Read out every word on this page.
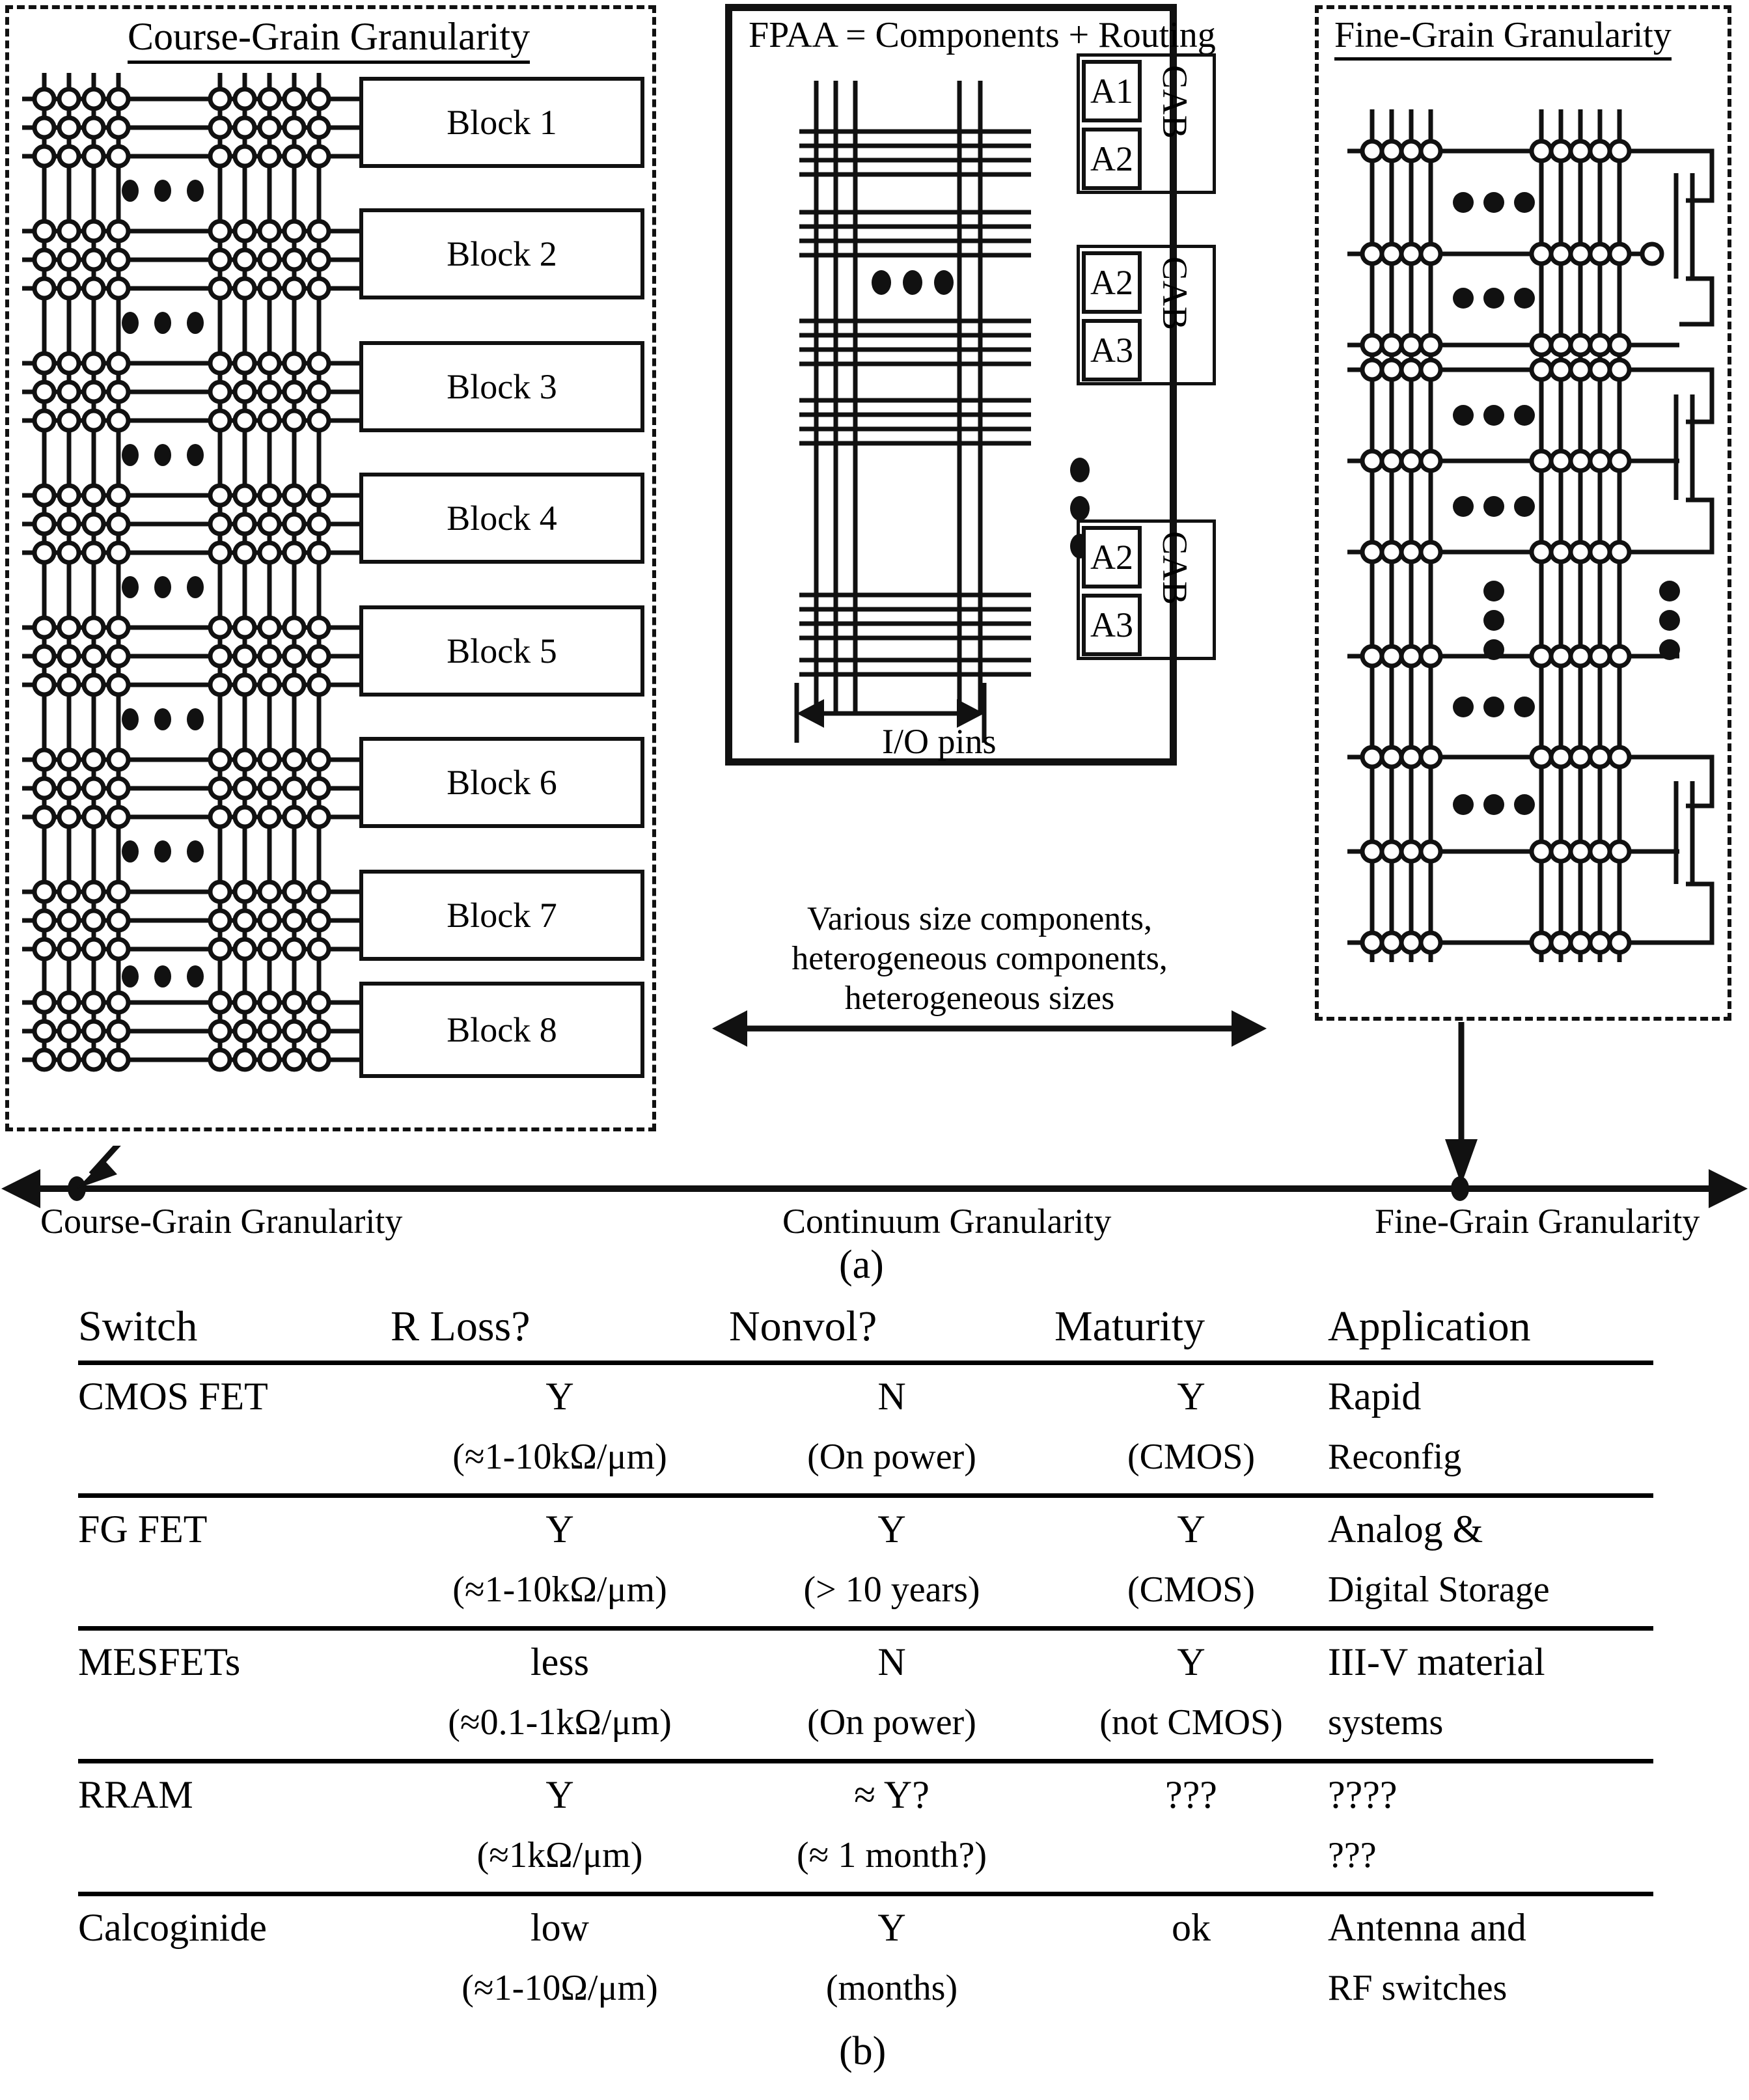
Course-Grain Granularity
Block 1
Block 2
Block 3
Block 4
Block 5
Block 6
Block 7
Block 8
FPAA = Components + Routing
A1
A2
CAB
A2
A3
CAB
A2
A3
CAB
I/O pins
Fine-Grain Granularity
Various size components,
heterogeneous components,
heterogeneous sizes
Course-Grain Granularity	Continuum Granularity	Fine-Grain Granularity
(a)
Switch	R Loss?	Nonvol?	Maturity	Application

CMOS FET	Y	N	Y	Rapid
	(≈1-10kΩ/μm)	(On power)	(CMOS)	Reconfig

FG FET	Y	Y	Y	Analog &
	(≈1-10kΩ/μm)	(> 10 years)	(CMOS)	Digital Storage

MESFETs	less	N	Y	III-V material
	(≈0.1-1kΩ/μm)	(On power)	(not CMOS)	systems

RRAM	Y	≈ Y?	???	????
	(≈1kΩ/μm)	(≈ 1 month?)		???

Calcoginide	low	Y	ok	Antenna and
	(≈1-10Ω/μm)	(months)		RF switches
(b)
